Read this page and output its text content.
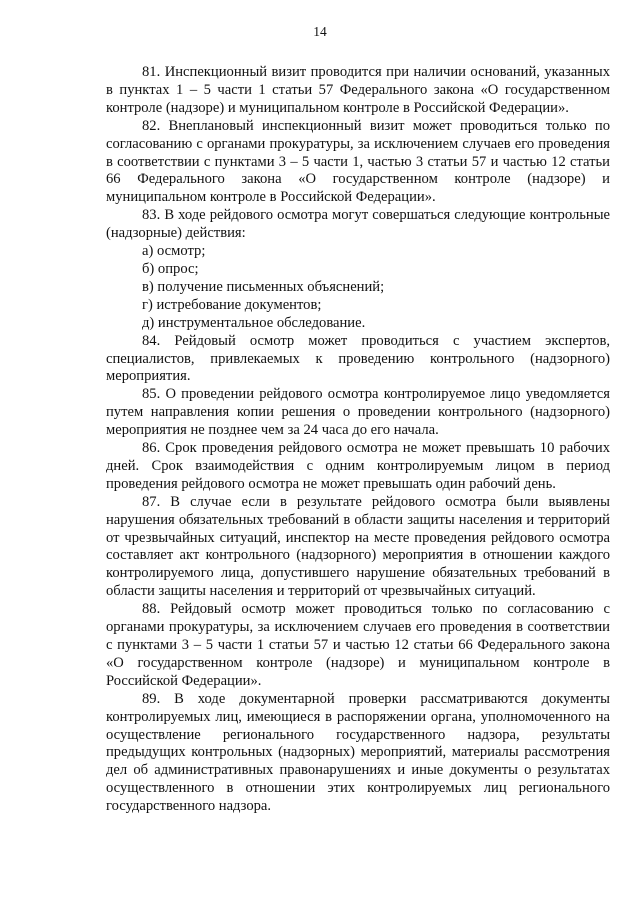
14

81. Инспекционный визит проводится при наличии оснований, указанных в пунктах 1 – 5 части 1 статьи 57 Федерального закона «О государственном контроле (надзоре) и муниципальном контроле в Российской Федерации».

82. Внеплановый инспекционный визит может проводиться только по согласованию с органами прокуратуры, за исключением случаев его проведения в соответствии с пунктами 3 – 5 части 1, частью 3 статьи 57 и частью 12 статьи 66 Федерального закона «О государственном контроле (надзоре) и муниципальном контроле в Российской Федерации».

83. В ходе рейдового осмотра могут совершаться следующие контрольные (надзорные) действия:

а) осмотр;

б) опрос;

в) получение письменных объяснений;

г) истребование документов;

д) инструментальное обследование.

84. Рейдовый осмотр может проводиться с участием экспертов, специалистов, привлекаемых к проведению контрольного (надзорного) мероприятия.

85. О проведении рейдового осмотра контролируемое лицо уведомляется путем направления копии решения о проведении контрольного (надзорного) мероприятия не позднее чем за 24 часа до его начала.

86. Срок проведения рейдового осмотра не может превышать 10 рабочих дней. Срок взаимодействия с одним контролируемым лицом в период проведения рейдового осмотра не может превышать один рабочий день.

87. В случае если в результате рейдового осмотра были выявлены нарушения обязательных требований в области защиты населения и территорий от чрезвычайных ситуаций, инспектор на месте проведения рейдового осмотра составляет акт контрольного (надзорного) мероприятия в отношении каждого контролируемого лица, допустившего нарушение обязательных требований в области защиты населения и территорий от чрезвычайных ситуаций.

88. Рейдовый осмотр может проводиться только по согласованию с органами прокуратуры, за исключением случаев его проведения в соответствии с пунктами 3 – 5 части 1 статьи 57 и частью 12 статьи 66 Федерального закона «О государственном контроле (надзоре) и муниципальном контроле в Российской Федерации».

89. В ходе документарной проверки рассматриваются документы контролируемых лиц, имеющиеся в распоряжении органа, уполномоченного на осуществление регионального государственного надзора, результаты предыдущих контрольных (надзорных) мероприятий, материалы рассмотрения дел об административных правонарушениях и иные документы о результатах осуществленного в отношении этих контролируемых лиц регионального государственного надзора.
